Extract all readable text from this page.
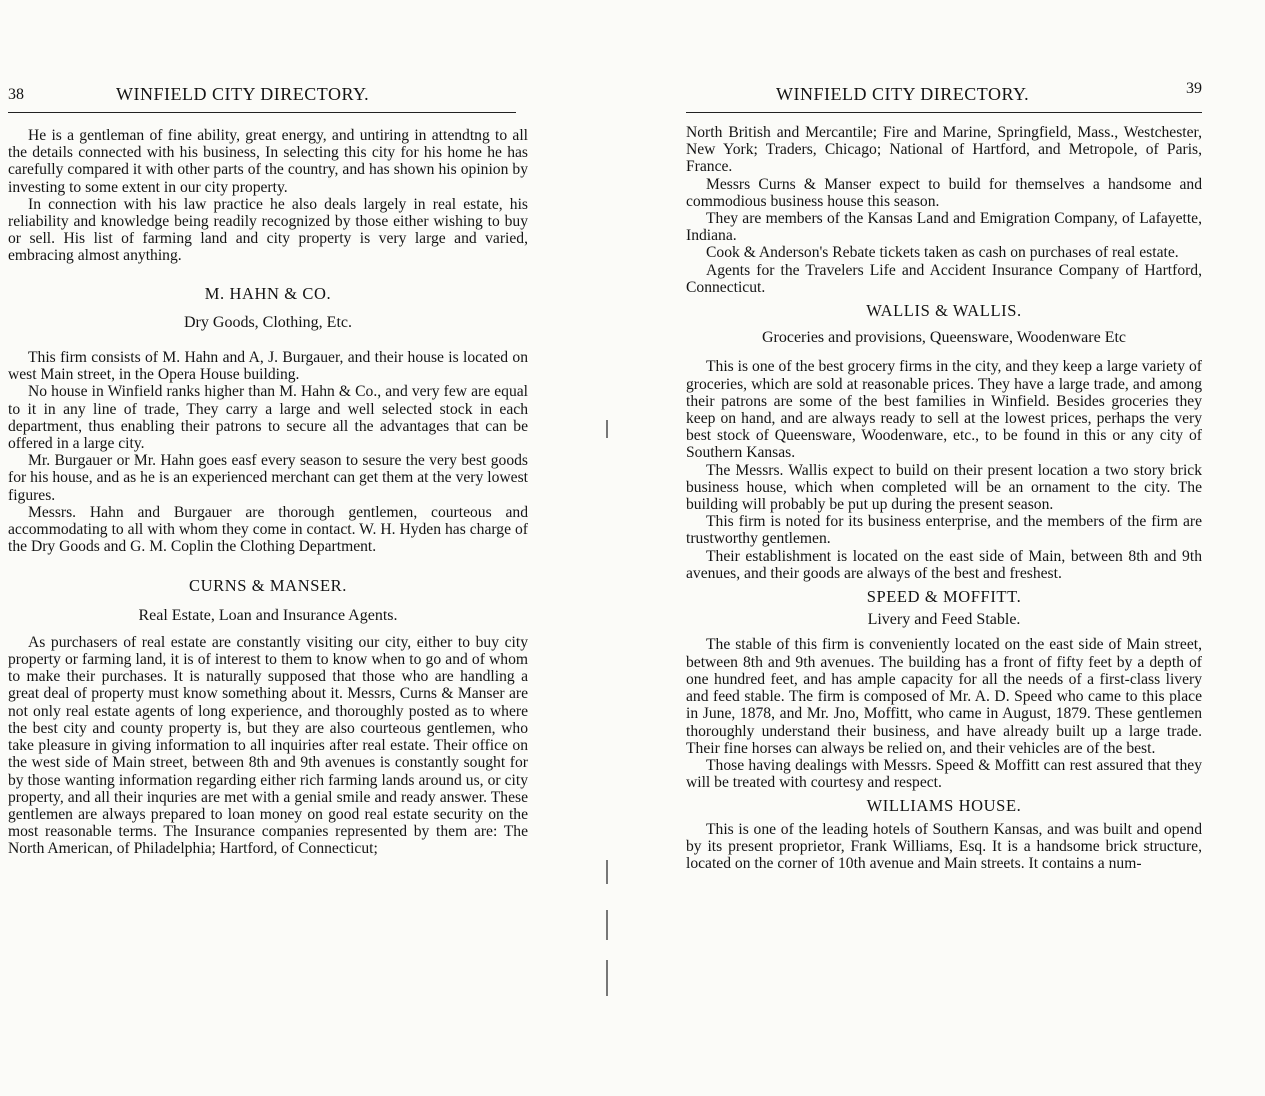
38	WINFIELD CITY DIRECTORY.

He is a gentleman of fine ability, great energy, and untiring in attendtng to all the details connected with his business, In selecting this city for his home he has carefully compared it with other parts of the country, and has shown his opinion by investing to some extent in our city property.

In connection with his law practice he also deals largely in real estate, his reliability and knowledge being readily recognized by those either wishing to buy or sell. His list of farming land and city property is very large and varied, embracing almost anything.

M. HAHN & CO.
Dry Goods, Clothing, Etc.

This firm consists of M. Hahn and A, J. Burgauer, and their house is located on west Main street, in the Opera House building.

No house in Winfield ranks higher than M. Hahn & Co., and very few are equal to it in any line of trade, They carry a large and well selected stock in each department, thus enabling their patrons to secure all the advantages that can be offered in a large city.

Mr. Burgauer or Mr. Hahn goes easf every season to sesure the very best goods for his house, and as he is an experienced merchant can get them at the very lowest figures.

Messrs. Hahn and Burgauer are thorough gentlemen, courteous and accommodating to all with whom they come in contact. W. H. Hyden has charge of the Dry Goods and G. M. Coplin the Clothing Department.

CURNS & MANSER.
Real Estate, Loan and Insurance Agents.

As purchasers of real estate are constantly visiting our city, either to buy city property or farming land, it is of interest to them to know when to go and of whom to make their purchases. It is naturally supposed that those who are handling a great deal of property must know something about it. Messrs, Curns & Manser are not only real estate agents of long experience, and thoroughly posted as to where the best city and county property is, but they are also courteous gentlemen, who take pleasure in giving information to all inquiries after real estate. Their office on the west side of Main street, between 8th and 9th avenues is constantly sought for by those wanting information regarding either rich farming lands around us, or city property, and all their inquries are met with a genial smile and ready answer. These gentlemen are always prepared to loan money on good real estate security on the most reasonable terms. The Insurance companies represented by them are: The North American, of Philadelphia; Hartford, of Connecticut;

WINFIELD CITY DIRECTORY.	39

North British and Mercantile; Fire and Marine, Springfield, Mass., Westchester, New York; Traders, Chicago; National of Hartford, and Metropole, of Paris, France.

Messrs Curns & Manser expect to build for themselves a handsome and commodious business house this season.

They are members of the Kansas Land and Emigration Company, of Lafayette, Indiana.

Cook & Anderson's Rebate tickets taken as cash on purchases of real estate.

Agents for the Travelers Life and Accident Insurance Company of Hartford, Connecticut.

WALLIS & WALLIS.
Groceries and provisions, Queensware, Woodenware Etc

This is one of the best grocery firms in the city, and they keep a large variety of groceries, which are sold at reasonable prices. They have a large trade, and among their patrons are some of the best families in Winfield. Besides groceries they keep on hand, and are always ready to sell at the lowest prices, perhaps the very best stock of Queensware, Woodenware, etc., to be found in this or any city of Southern Kansas.

The Messrs. Wallis expect to build on their present location a two story brick business house, which when completed will be an ornament to the city. The building will probably be put up during the present season.

This firm is noted for its business enterprise, and the members of the firm are trustworthy gentlemen.

Their establishment is located on the east side of Main, between 8th and 9th avenues, and their goods are always of the best and freshest.

SPEED & MOFFITT.
Livery and Feed Stable.

The stable of this firm is conveniently located on the east side of Main street, between 8th and 9th avenues. The building has a front of fifty feet by a depth of one hundred feet, and has ample capacity for all the needs of a first-class livery and feed stable. The firm is composed of Mr. A. D. Speed who came to this place in June, 1878, and Mr. Jno, Moffitt, who came in August, 1879. These gentlemen thoroughly understand their business, and have already built up a large trade. Their fine horses can always be relied on, and their vehicles are of the best.

Those having dealings with Messrs. Speed & Moffitt can rest assured that they will be treated with courtesy and respect.

WILLIAMS HOUSE.

This is one of the leading hotels of Southern Kansas, and was built and opend by its present proprietor, Frank Williams, Esq. It is a handsome brick structure, located on the corner of 10th avenue and Main streets. It contains a num-
